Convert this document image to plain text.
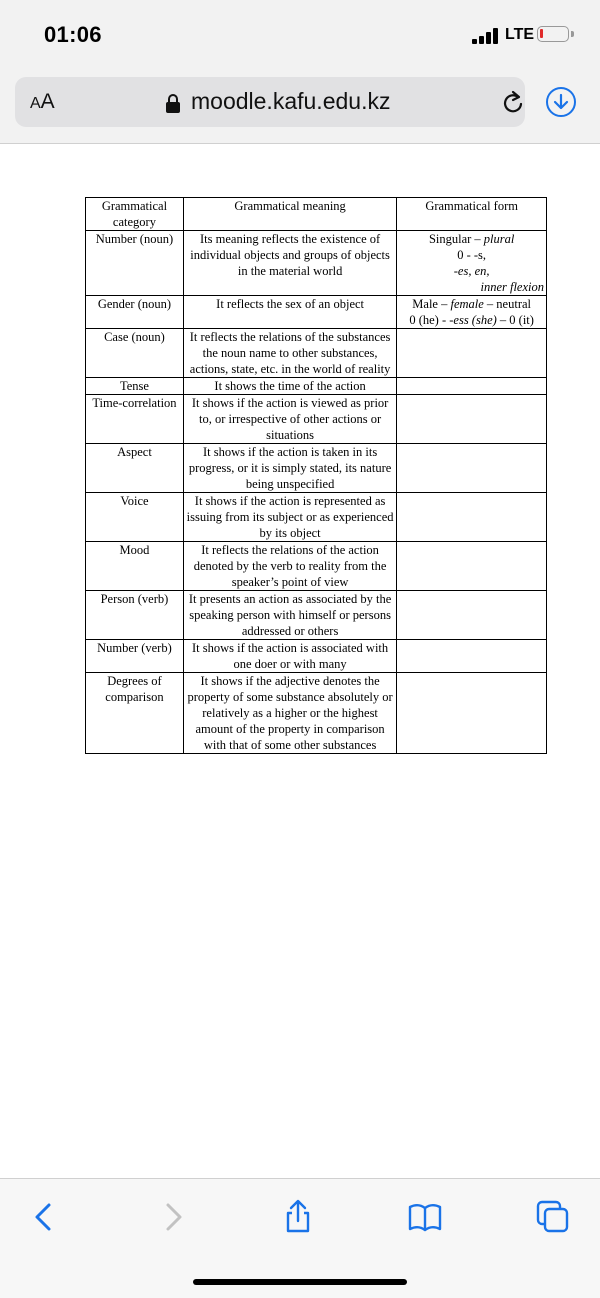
01:06	LTE
AA	moodle.kafu.edu.kz
Grammatical category	Grammatical meaning	Grammatical form
Number (noun)	Its meaning reflects the existence of individual objects and groups of objects in the material world	Singular – plural
0 - -s,
-es, en,
inner flexion

Gender (noun)	It reflects the sex of an object	Male – female – neutral
0 (he) - -ess (she) – 0 (it)

Case (noun)	It reflects the relations of the substances the noun name to other substances, actions, state, etc. in the world of reality	
Tense	It shows the time of the action	
Time-correlation	It shows if the action is viewed as prior to, or irrespective of other actions or situations	
Aspect	It shows if the action is taken in its progress, or it is simply stated, its nature being unspecified	
Voice	It shows if the action is represented as issuing from its subject or as experienced by its object	
Mood	It reflects the relations of the action denoted by the verb to reality from the speaker’s point of view	
Person (verb)	It presents an action as associated by the speaking person with himself or persons addressed or others	
Number (verb)	It shows if the action is associated with one doer or with many	
Degrees of comparison	It shows if the adjective denotes the property of some substance absolutely or relatively as a higher or the highest amount of the property in comparison with that of some other substances	
